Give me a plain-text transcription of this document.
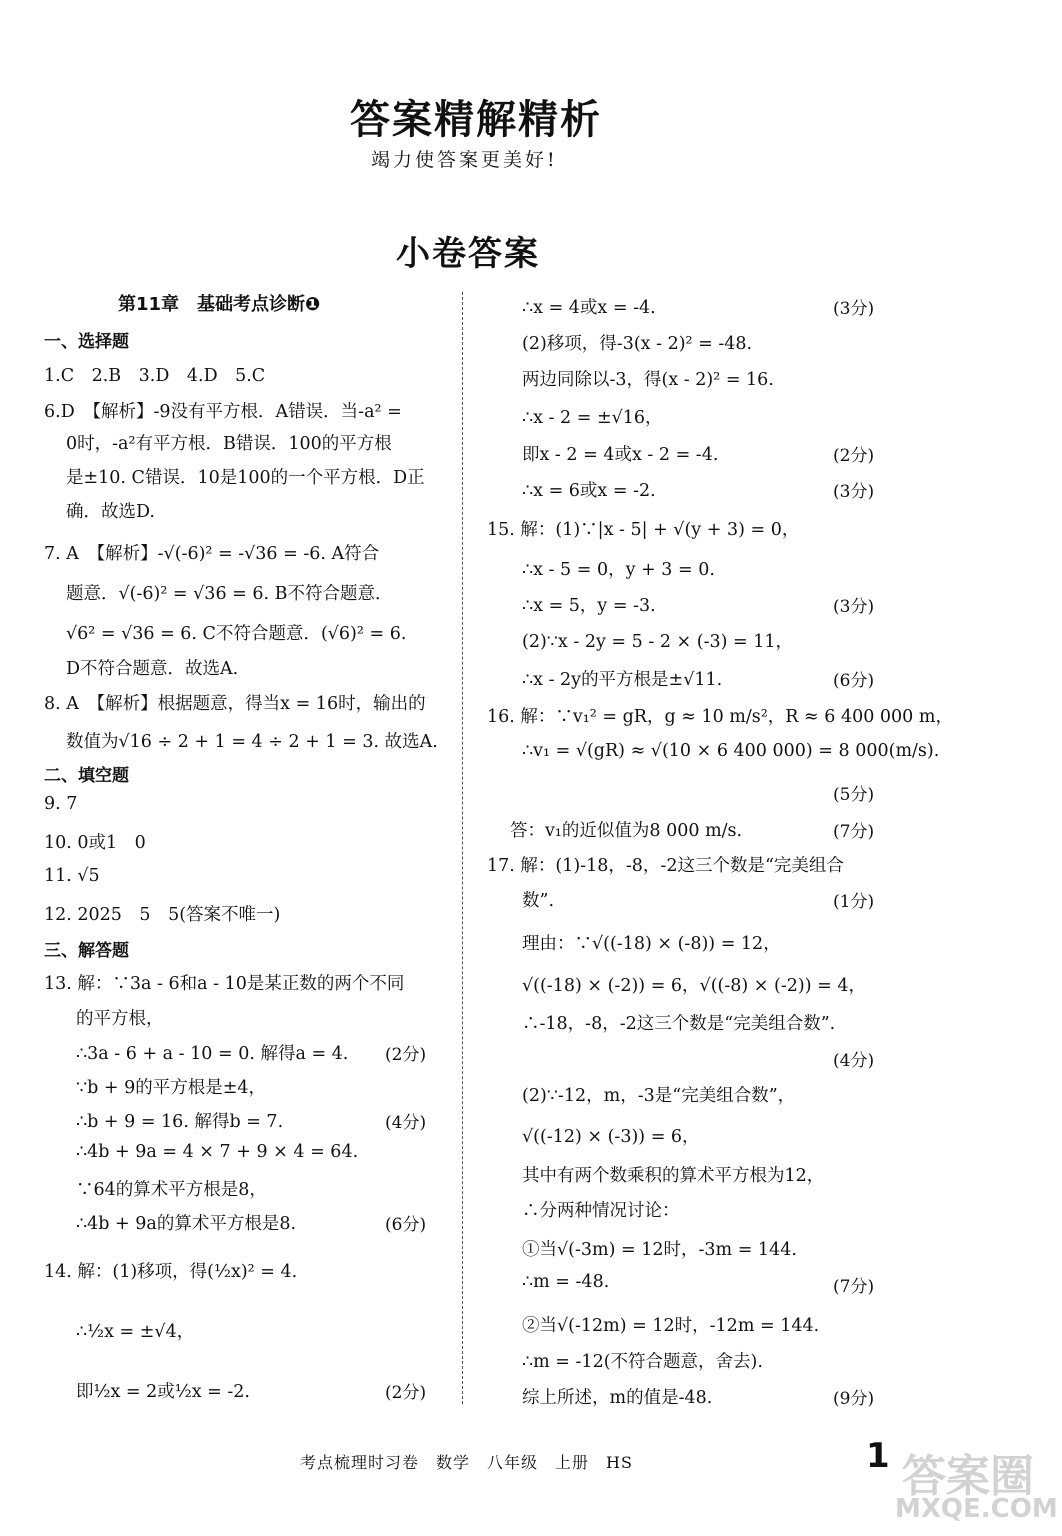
答案精解精析
竭力使答案更美好!
小卷答案
第11章　基础考点诊断❶
一、选择题
1.C　2.B　3.D　4.D　5.C
6.D　【解析】-9没有平方根．A错误．当-a² =
0时，-a²有平方根．B错误．100的平方根
是±10. C错误．10是100的一个平方根．D正
确．故选D.
7. A　【解析】-√(-6)² = -√36 = -6. A符合
题意．√(-6)² = √36 = 6. B不符合题意．
√6² = √36 = 6. C不符合题意．(√6)² = 6.
D不符合题意．故选A.
8. A　【解析】根据题意，得当x = 16时，输出的
数值为√16 ÷ 2 + 1 = 4 ÷ 2 + 1 = 3. 故选A.
二、填空题
9. 7
10. 0或1　0
11. √5
12. 2025　5　5(答案不唯一)
三、解答题
13. 解：∵3a - 6和a - 10是某正数的两个不同
的平方根，
∴3a - 6 + a - 10 = 0. 解得a = 4.
∵b + 9的平方根是±4，
∴b + 9 = 16. 解得b = 7.
∴4b + 9a = 4 × 7 + 9 × 4 = 64.
∵64的算术平方根是8，
∴4b + 9a的算术平方根是8.
14. 解：(1)移项，得(½x)² = 4.
∴½x = ±√4，
即½x = 2或½x = -2.
(2分)
(4分)
(6分)
(2分)
∴x = 4或x = -4.
(2)移项，得-3(x - 2)² = -48.
两边同除以-3，得(x - 2)² = 16.
∴x - 2 = ±√16，
即x - 2 = 4或x - 2 = -4.
∴x = 6或x = -2.
15. 解：(1)∵|x - 5| + √(y + 3) = 0，
∴x - 5 = 0，y + 3 = 0.
∴x = 5，y = -3.
(2)∵x - 2y = 5 - 2 × (-3) = 11，
∴x - 2y的平方根是±√11.
16. 解：∵v₁² = gR，g ≈ 10 m/s²，R ≈ 6 400 000 m，
∴v₁ = √(gR) ≈ √(10 × 6 400 000) = 8 000(m/s).
答：v₁的近似值为8 000 m/s.
17. 解：(1)-18，-8，-2这三个数是“完美组合
数”.
理由：∵√((-18) × (-8)) = 12，
√((-18) × (-2)) = 6，√((-8) × (-2)) = 4，
∴-18，-8，-2这三个数是“完美组合数”.
(2)∵-12，m，-3是“完美组合数”，
√((-12) × (-3)) = 6，
其中有两个数乘积的算术平方根为12，
∴分两种情况讨论：
①当√(-3m) = 12时，-3m = 144.
∴m = -48.
②当√(-12m) = 12时，-12m = 144.
∴m = -12(不符合题意，舍去).
综上所述，m的值是-48.
(3分)
(2分)
(3分)
(3分)
(6分)
(5分)
(7分)
(1分)
(4分)
(7分)
(9分)
考点梳理时习卷　数学　八年级　上册　HS	1 答案圈
MXQE.COM
